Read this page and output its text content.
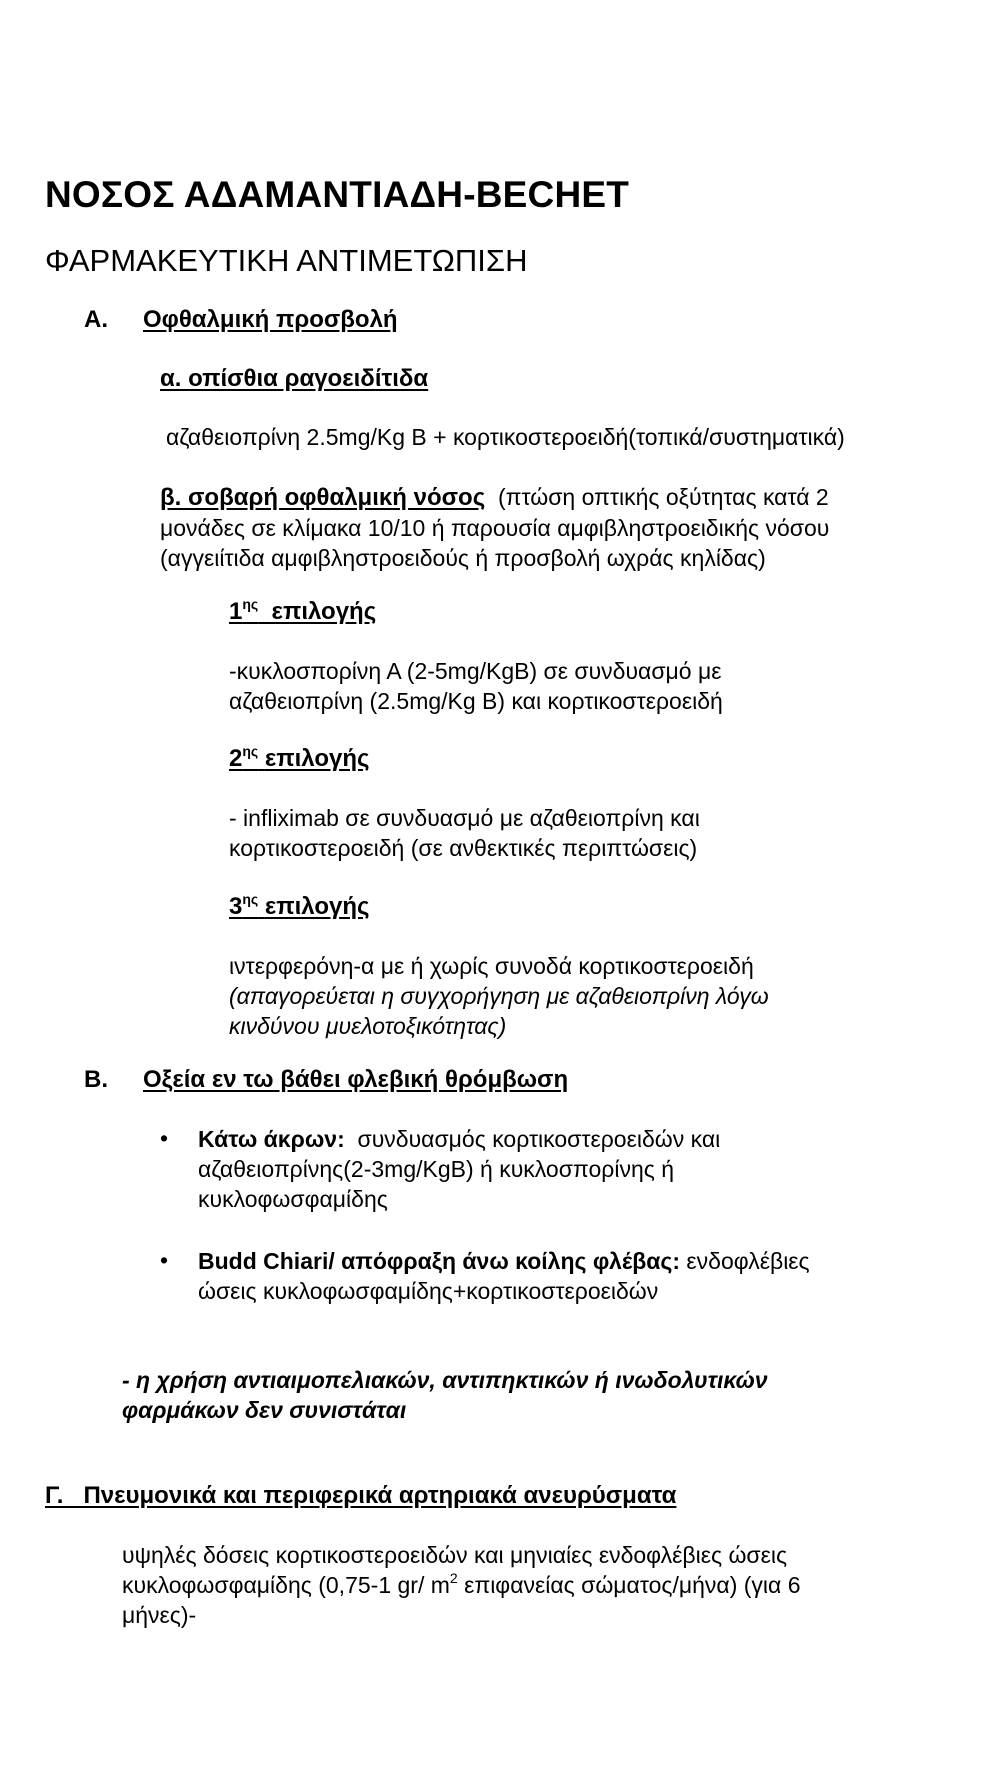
ΝΟΣΟΣ ΑΔΑΜΑΝΤΙΑΔΗ-BECHET
ΦΑΡΜΑΚΕΥΤΙΚΗ ΑΝΤΙΜΕΤΩΠΙΣΗ
Α. Οφθαλμική προσβολή
α. οπίσθια ραγοειδίτιδα
αζαθειοπρίνη 2.5mg/Kg B + κορτικοστεροειδή(τοπικά/συστηματικά)
β. σοβαρή οφθαλμική νόσος (πτώση οπτικής οξύτητας κατά 2
μονάδες σε κλίμακα 10/10 ή παρουσία αμφιβληστροειδικής νόσου
(αγγειίτιδα αμφιβληστροειδούς ή προσβολή ωχράς κηλίδας)
$1^{\eta\varsigma}$ επιλογής
-κυκλοσπορίνη Α (2-5mg/KgB) σε συνδυασμό με
αζαθειοπρίνη (2.5mg/Kg B) και κορτικοστεροειδή
$2^{\eta\varsigma}$ επιλογής
- infliximab σε συνδυασμό με αζαθειοπρίνη και
κορτικοστεροειδή (σε ανθεκτικές περιπτώσεις)
$3^{\eta\varsigma}$ επιλογής
ιντερφερόνη-α με ή χωρίς συνοδά κορτικοστεροειδή
(απαγορεύεται η συγχορήγηση με αζαθειοπρίνη λόγω
κινδύνου μυελοτοξικότητας)
Β. Οξεία εν τω βάθει φλεβική θρόμβωση
• Κάτω άκρων: συνδυασμός κορτικοστεροειδών και
αζαθειοπρίνης(2-3mg/KgB) ή κυκλοσπορίνης ή
κυκλοφωσφαμίδης
• Budd Chiari/ απόφραξη άνω κοίλης φλέβας: ενδοφλέβιες
ώσεις κυκλοφωσφαμίδης+κορτικοστεροειδών
- η χρήση αντιαιμοπελιακών, αντιπηκτικών ή ινωδολυτικών
φαρμάκων δεν συνιστάται
Γ.   Πνευμονικά και περιφερικά αρτηριακά ανευρύσματα
υψηλές δόσεις κορτικοστεροειδών και μηνιαίες ενδοφλέβιες ώσεις
κυκλοφωσφαμίδης (0,75-1 gr/ $m^2$ επιφανείας σώματος/μήνα) (για 6
μήνες)-
